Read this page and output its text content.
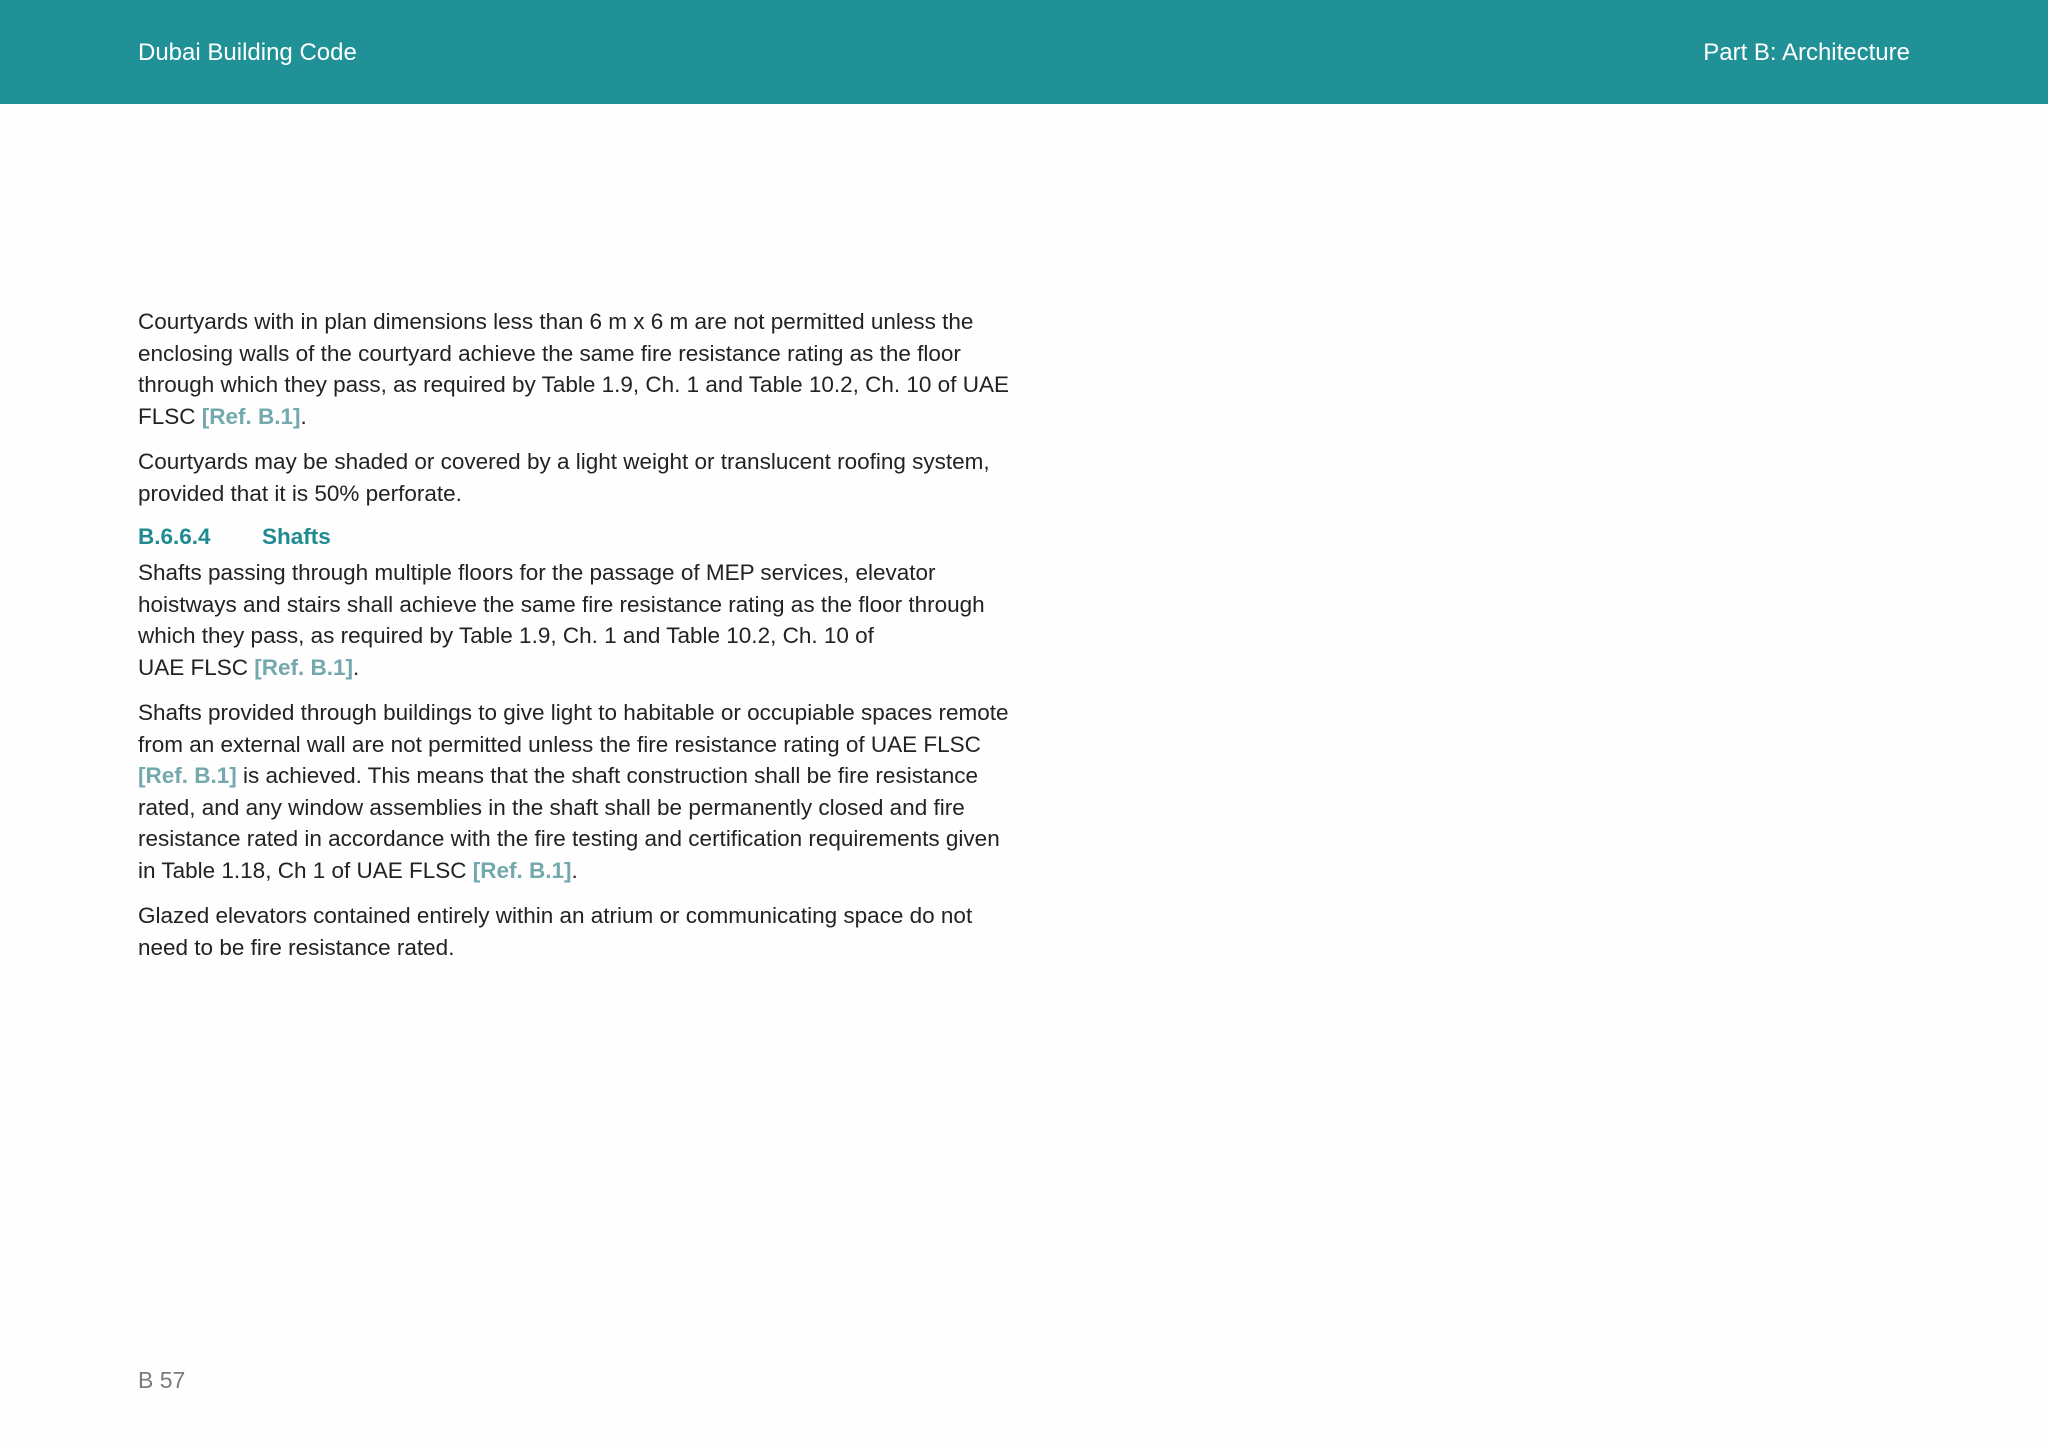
Dubai Building Code	Part B: Architecture

Courtyards with in plan dimensions less than 6 m x 6 m are not permitted unless the enclosing walls of the courtyard achieve the same fire resistance rating as the floor through which they pass, as required by Table 1.9, Ch. 1 and Table 10.2, Ch. 10 of UAE FLSC [Ref. B.1].

Courtyards may be shaded or covered by a light weight or translucent roofing system, provided that it is 50% perforate.

B.6.6.4	Shafts

Shafts passing through multiple floors for the passage of MEP services, elevator hoistways and stairs shall achieve the same fire resistance rating as the floor through which they pass, as required by Table 1.9, Ch. 1 and Table 10.2, Ch. 10 of
UAE FLSC [Ref. B.1].

Shafts provided through buildings to give light to habitable or occupiable spaces remote from an external wall are not permitted unless the fire resistance rating of UAE FLSC [Ref. B.1] is achieved. This means that the shaft construction shall be fire resistance rated, and any window assemblies in the shaft shall be permanently closed and fire resistance rated in accordance with the fire testing and certification requirements given in Table 1.18, Ch 1 of UAE FLSC [Ref. B.1].

Glazed elevators contained entirely within an atrium or communicating space do not need to be fire resistance rated.

B 57
